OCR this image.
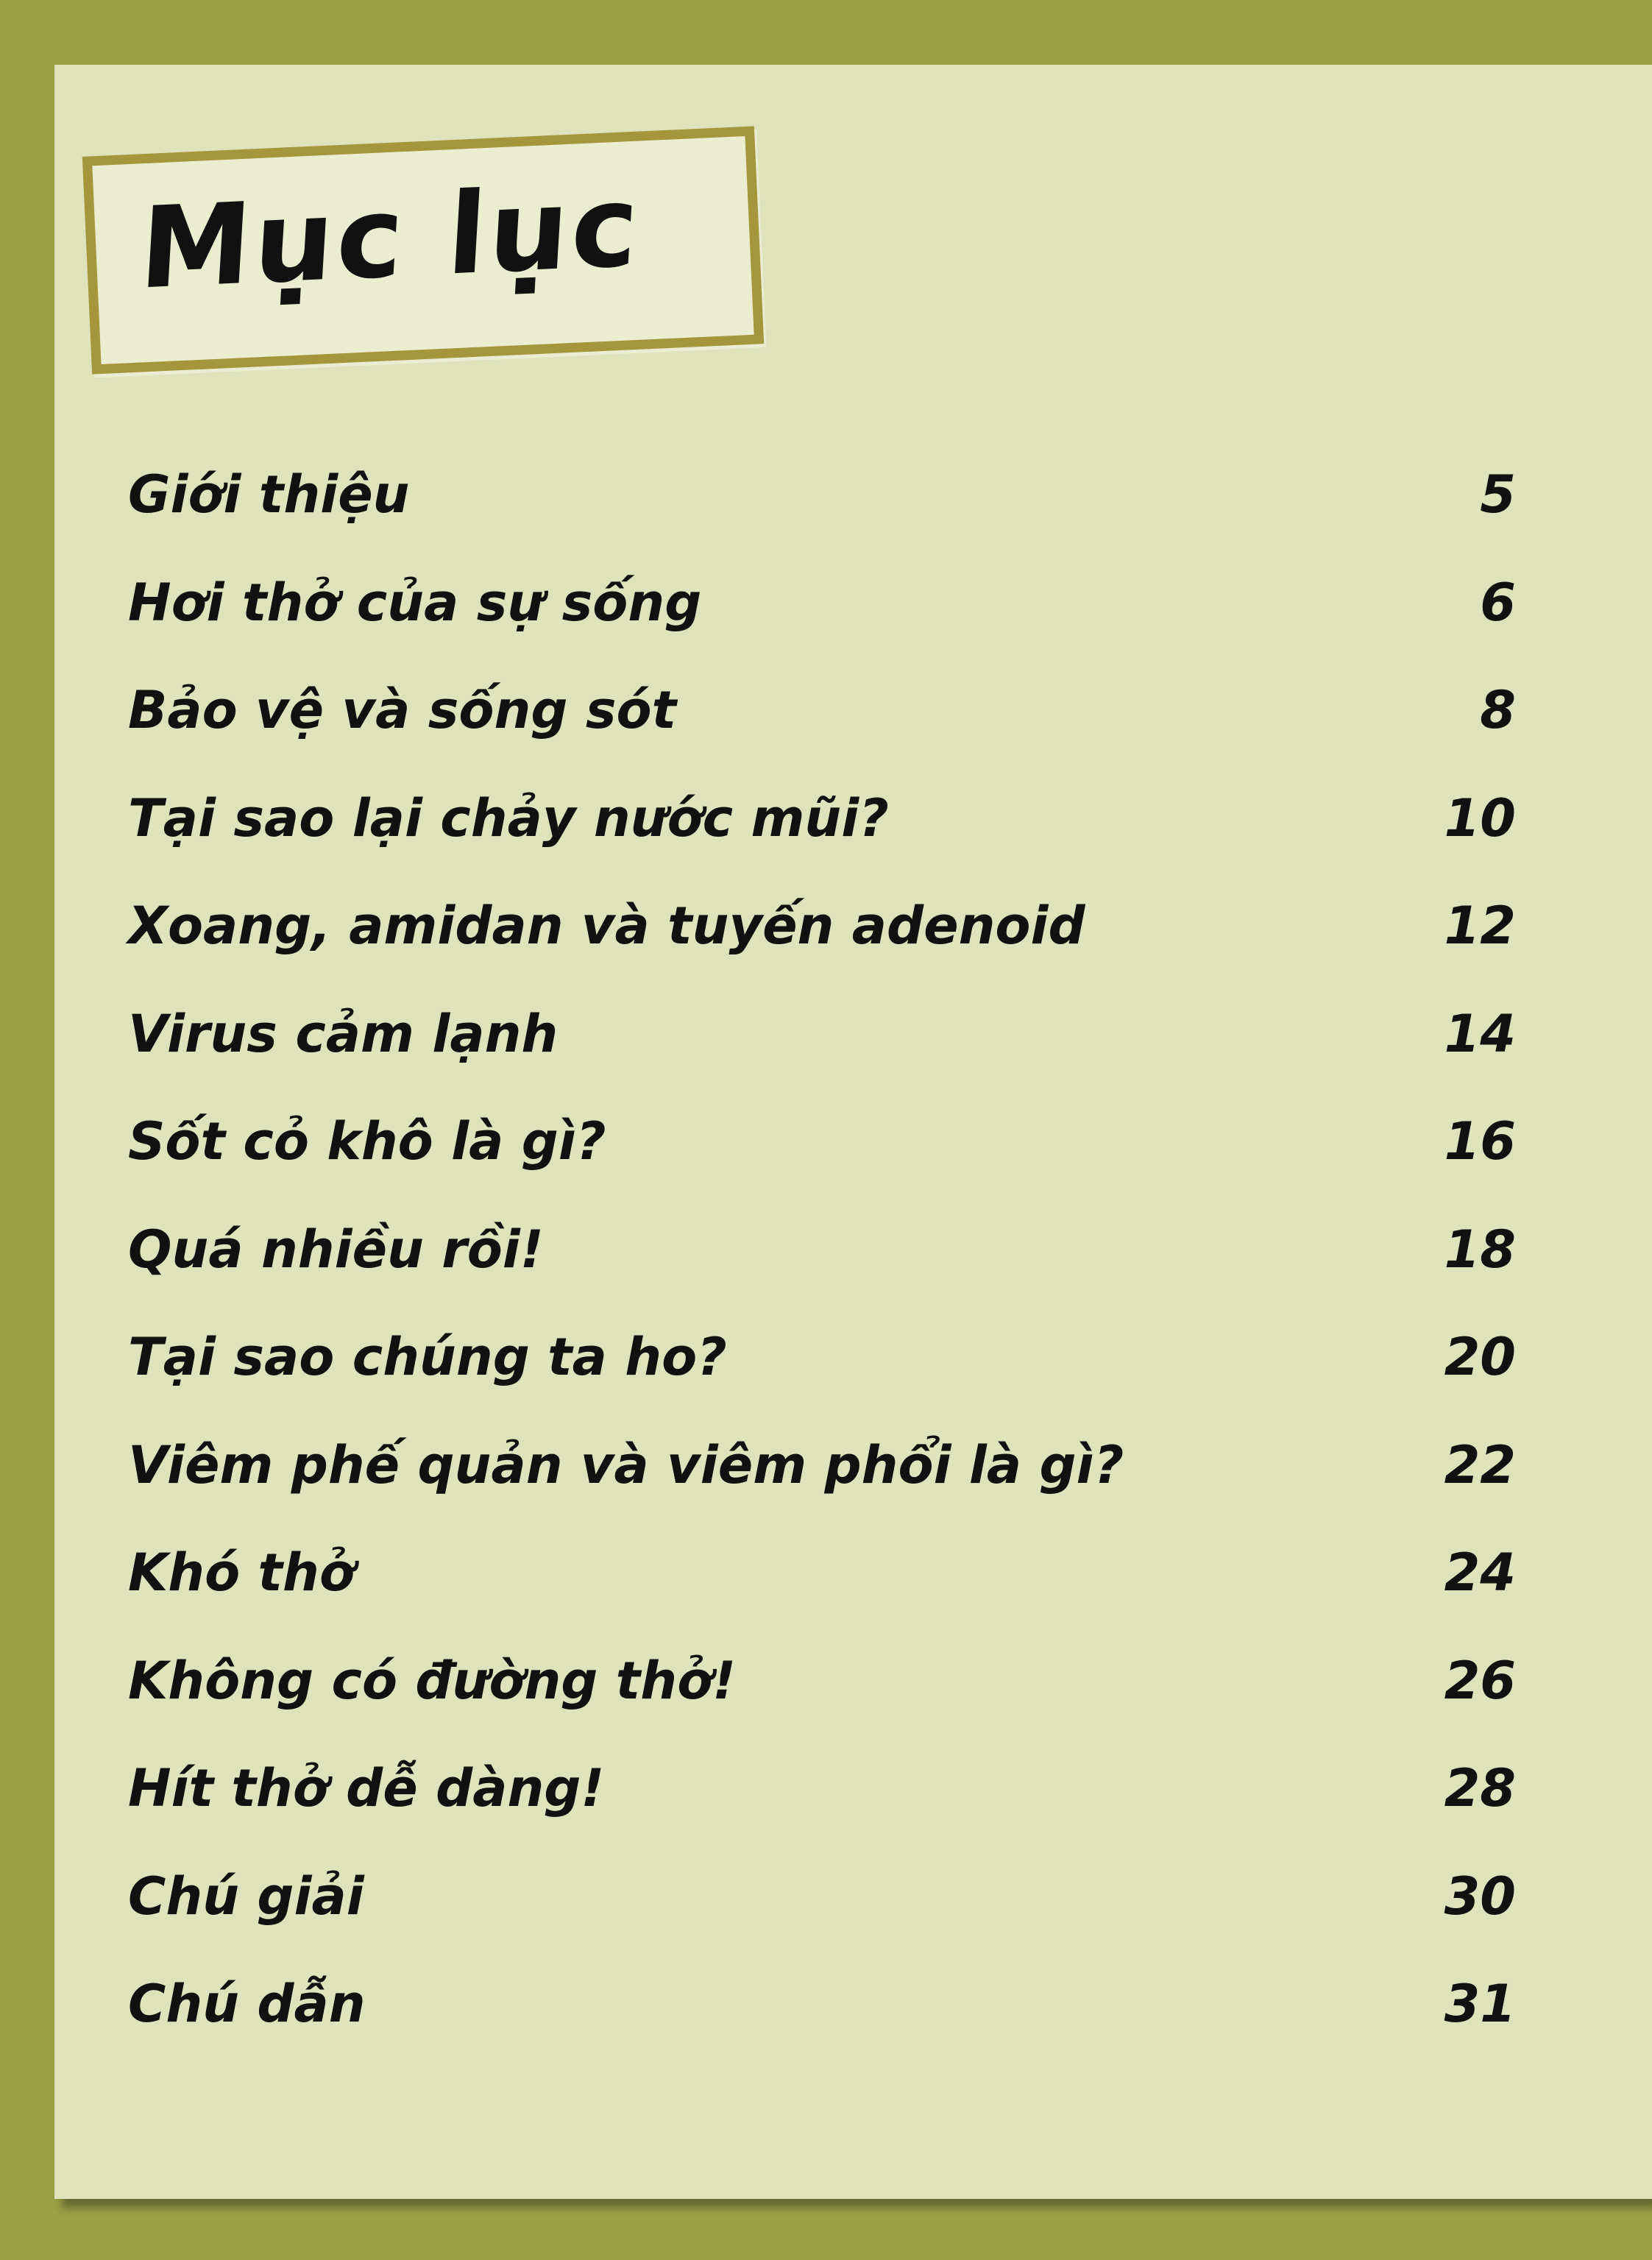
Mục lục
Giới thiệu	5
Hơi thở của sự sống	6
Bảo vệ và sống sót	8
Tại sao lại chảy nước mũi?	10
Xoang, amidan và tuyến adenoid	12
Virus cảm lạnh	14
Sốt cỏ khô là gì?	16
Quá nhiều rồi!	18
Tại sao chúng ta ho?	20
Viêm phế quản và viêm phổi là gì?	22
Khó thở	24
Không có đường thở!	26
Hít thở dễ dàng!	28
Chú giải	30
Chú dẫn	31
